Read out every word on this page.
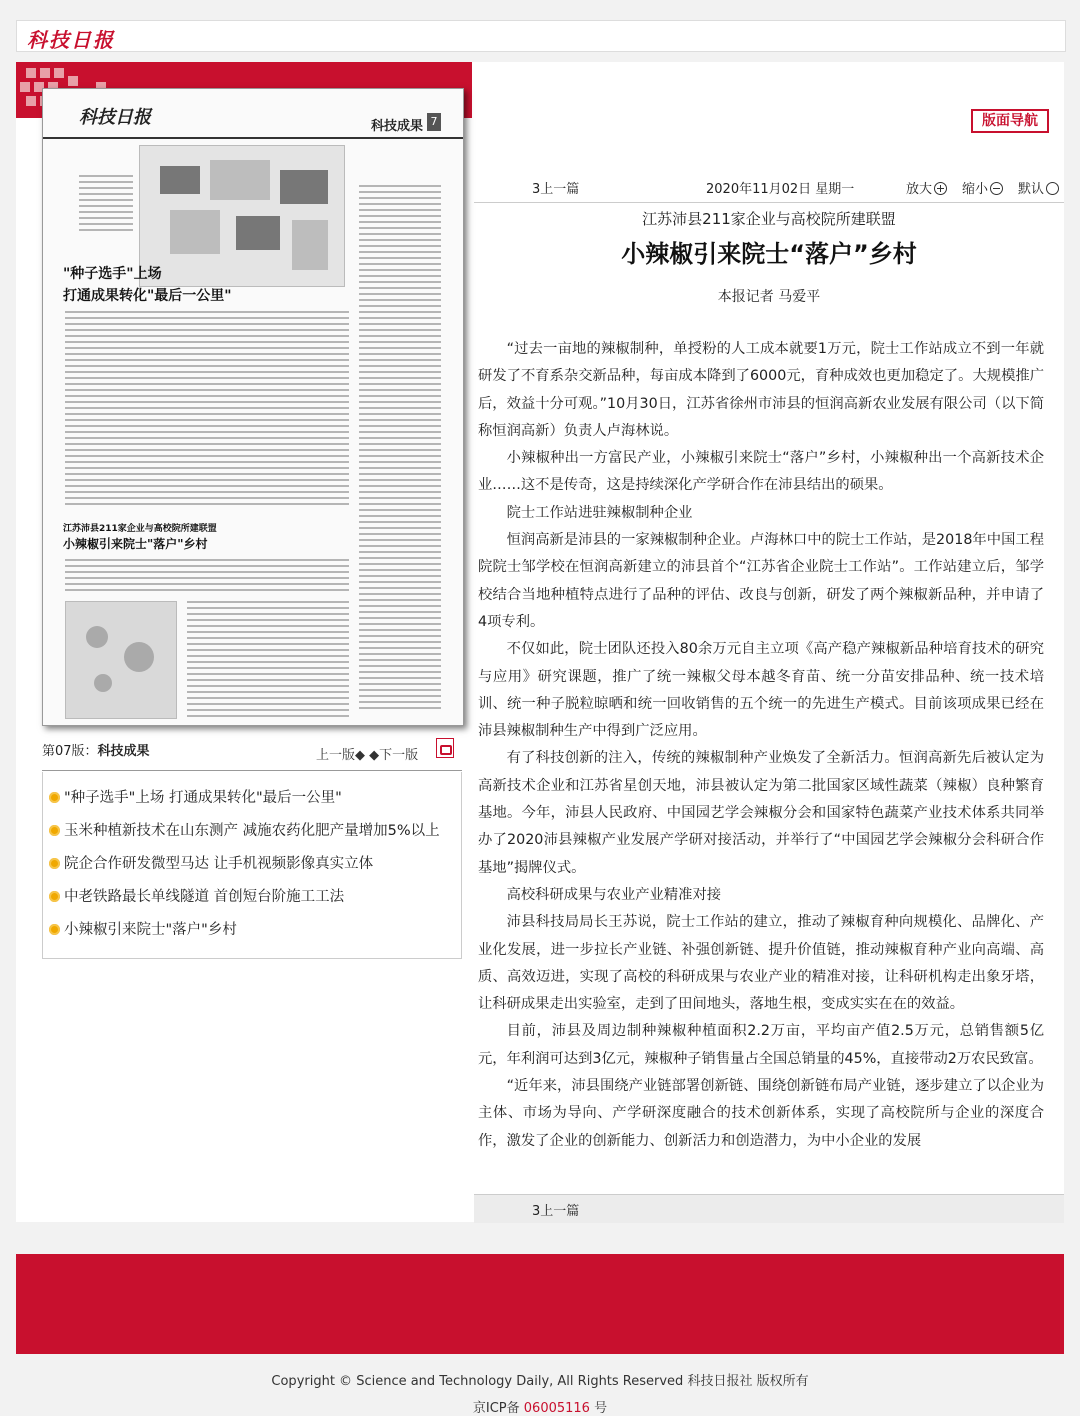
科技日报
科技日报	科技成果 7
"种子选手"上场
打通成果转化"最后一公里"
江苏沛县211家企业与高校院所建联盟
小辣椒引来院士"落户"乡村
第07版：科技成果	上一版◆ ◆下一版
"种子选手"上场 打通成果转化"最后一公里"
玉米种植新技术在山东测产 减施农药化肥产量增加5%以上
院企合作研发微型马达 让手机视频影像真实立体
中老铁路最长单线隧道 首创短台阶施工工法
小辣椒引来院士"落户"乡村
版面导航
3上一篇	2020年11月02日 星期一	放大	缩小	默认
江苏沛县211家企业与高校院所建联盟
小辣椒引来院士“落户”乡村
本报记者 马爱平

“过去一亩地的辣椒制种，单授粉的人工成本就要1万元，院士工作站成立不到一年就研发了不育系杂交新品种，每亩成本降到了6000元，育种成效也更加稳定了。大规模推广后，效益十分可观。”10月30日，江苏省徐州市沛县的恒润高新农业发展有限公司（以下简称恒润高新）负责人卢海林说。

小辣椒种出一方富民产业，小辣椒引来院士“落户”乡村，小辣椒种出一个高新技术企业……这不是传奇，这是持续深化产学研合作在沛县结出的硕果。

院士工作站进驻辣椒制种企业

恒润高新是沛县的一家辣椒制种企业。卢海林口中的院士工作站，是2018年中国工程院院士邹学校在恒润高新建立的沛县首个“江苏省企业院士工作站”。工作站建立后，邹学校结合当地种植特点进行了品种的评估、改良与创新，研发了两个辣椒新品种，并申请了4项专利。

不仅如此，院士团队还投入80余万元自主立项《高产稳产辣椒新品种培育技术的研究与应用》研究课题，推广了统一辣椒父母本越冬育苗、统一分苗安排品种、统一技术培训、统一种子脱粒晾晒和统一回收销售的五个统一的先进生产模式。目前该项成果已经在沛县辣椒制种生产中得到广泛应用。

有了科技创新的注入，传统的辣椒制种产业焕发了全新活力。恒润高新先后被认定为高新技术企业和江苏省星创天地，沛县被认定为第二批国家区域性蔬菜（辣椒）良种繁育基地。今年，沛县人民政府、中国园艺学会辣椒分会和国家特色蔬菜产业技术体系共同举办了2020沛县辣椒产业发展产学研对接活动，并举行了“中国园艺学会辣椒分会科研合作基地”揭牌仪式。

高校科研成果与农业产业精准对接

沛县科技局局长王苏说，院士工作站的建立，推动了辣椒育种向规模化、品牌化、产业化发展，进一步拉长产业链、补强创新链、提升价值链，推动辣椒育种产业向高端、高质、高效迈进，实现了高校的科研成果与农业产业的精准对接，让科研机构走出象牙塔，让科研成果走出实验室，走到了田间地头，落地生根，变成实实在在的效益。

目前，沛县及周边制种辣椒种植面积2.2万亩，平均亩产值2.5万元，总销售额5亿元，年利润可达到3亿元，辣椒种子销售量占全国总销量的45%，直接带动2万农民致富。

“近年来，沛县围绕产业链部署创新链、围绕创新链布局产业链，逐步建立了以企业为主体、市场为导向、产学研深度融合的技术创新体系，实现了高校院所与企业的深度合作，激发了企业的创新能力、创新活力和创造潜力，为中小企业的发展

3上一篇
Copyright © Science and Technology Daily, All Rights Reserved 科技日报社 版权所有
京ICP备 06005116 号
